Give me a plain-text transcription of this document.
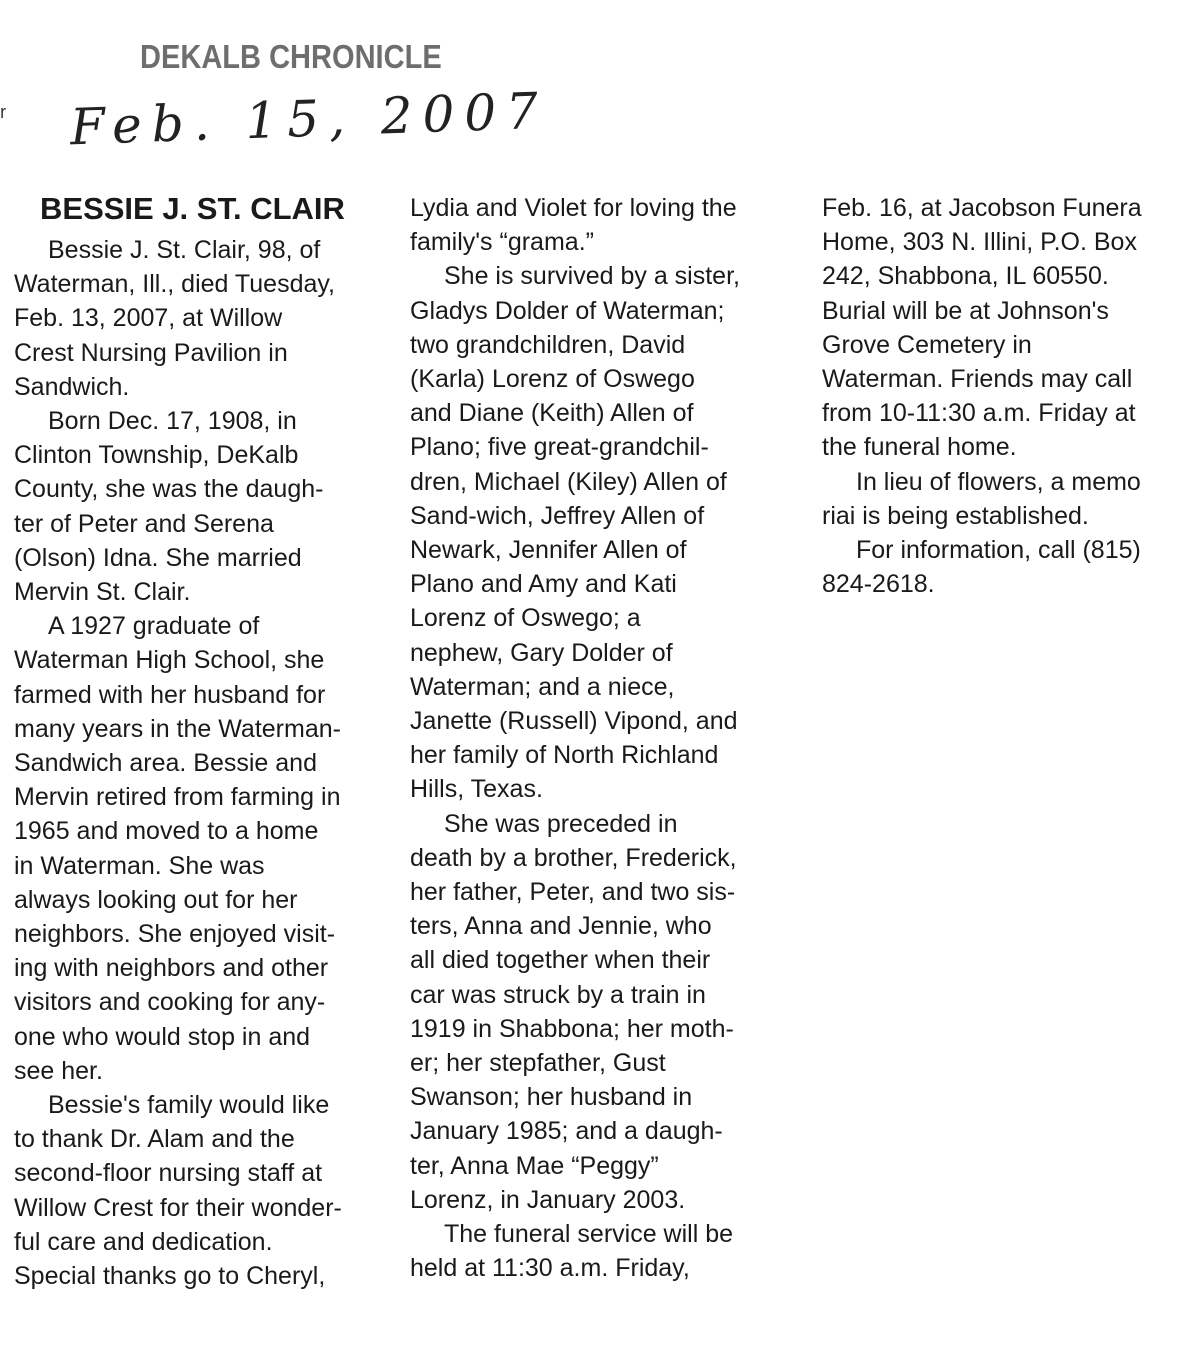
DEKALB CHRONICLE
ʳ Feb. 15, 2007
BESSIE J. ST. CLAIR
Bessie J. St. Clair, 98, of
Waterman, Ill., died Tuesday,
Feb. 13, 2007, at Willow
Crest Nursing Pavilion in
Sandwich.
Born Dec. 17, 1908, in
Clinton Township, DeKalb
County, she was the daugh-
ter of Peter and Serena
(Olson) Idna. She married
Mervin St. Clair.
A 1927 graduate of
Waterman High School, she
farmed with her husband for
many years in the Waterman-
Sandwich area. Bessie and
Mervin retired from farming in
1965 and moved to a home
in Waterman. She was
always looking out for her
neighbors. She enjoyed visit-
ing with neighbors and other
visitors and cooking for any-
one who would stop in and
see her.
Bessie's family would like
to thank Dr. Alam and the
second-floor nursing staff at
Willow Crest for their wonder-
ful care and dedication.
Special thanks go to Cheryl,
Lydia and Violet for loving the
family's “grama.”
She is survived by a sister,
Gladys Dolder of Waterman;
two grandchildren, David
(Karla) Lorenz of Oswego
and Diane (Keith) Allen of
Plano; five great-grandchil-
dren, Michael (Kiley) Allen of
Sand-wich, Jeffrey Allen of
Newark, Jennifer Allen of
Plano and Amy and Kati
Lorenz of Oswego; a
nephew, Gary Dolder of
Waterman; and a niece,
Janette (Russell) Vipond, and
her family of North Richland
Hills, Texas.
She was preceded in
death by a brother, Frederick,
her father, Peter, and two sis-
ters, Anna and Jennie, who
all died together when their
car was struck by a train in
1919 in Shabbona; her moth-
er; her stepfather, Gust
Swanson; her husband in
January 1985; and a daugh-
ter, Anna Mae “Peggy”
Lorenz, in January 2003.
The funeral service will be
held at 11:30 a.m. Friday,
Feb. 16, at Jacobson Funera
Home, 303 N. Illini, P.O. Box
242, Shabbona, IL 60550.
Burial will be at Johnson's
Grove Cemetery in
Waterman. Friends may call
from 10-11:30 a.m. Friday at
the funeral home.
In lieu of flowers, a memo
riai is being established.
For information, call (815)
824-2618.
